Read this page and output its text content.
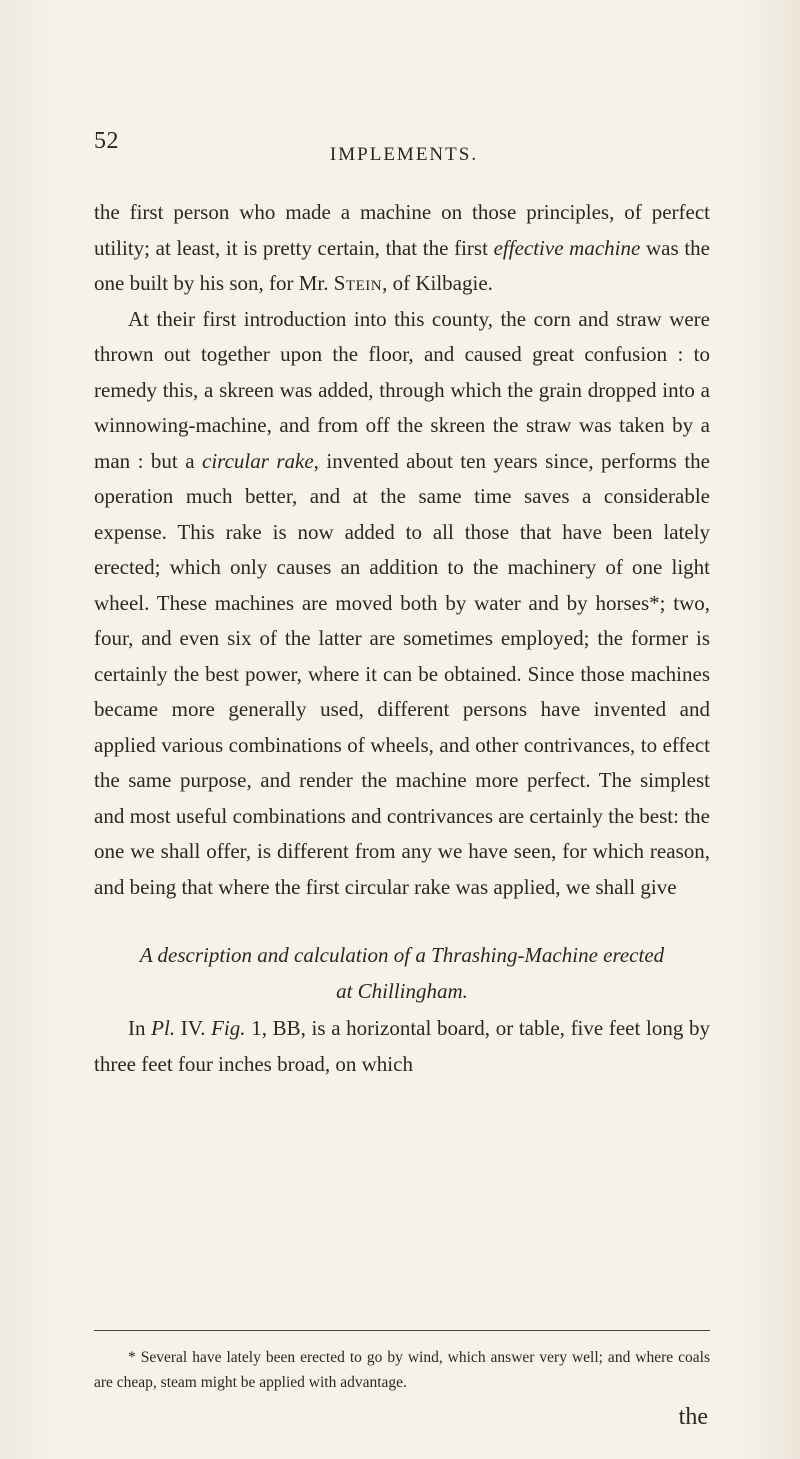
52
IMPLEMENTS.

the first person who made a machine on those principles, of perfect utility; at least, it is pretty certain, that the first effective machine was the one built by his son, for Mr. Stein, of Kilbagie.

At their first introduction into this county, the corn and straw were thrown out together upon the floor, and caused great confusion : to remedy this, a skreen was added, through which the grain dropped into a winnowing-machine, and from off the skreen the straw was taken by a man : but a circular rake, invented about ten years since, performs the operation much better, and at the same time saves a considerable expense. This rake is now added to all those that have been lately erected; which only causes an addition to the machinery of one light wheel. These machines are moved both by water and by horses*; two, four, and even six of the latter are sometimes employed; the former is certainly the best power, where it can be obtained. Since those machines became more generally used, different persons have invented and applied various combinations of wheels, and other contrivances, to effect the same purpose, and render the machine more perfect. The simplest and most useful combinations and contrivances are certainly the best: the one we shall offer, is different from any we have seen, for which reason, and being that where the first circular rake was applied, we shall give

A description and calculation of a Thrashing-Machine erected
at Chillingham.

In Pl. IV. Fig. 1, BB, is a horizontal board, or table, five feet long by three feet four inches broad, on which

* Several have lately been erected to go by wind, which answer very well; and where coals are cheap, steam might be applied with advantage.
the
